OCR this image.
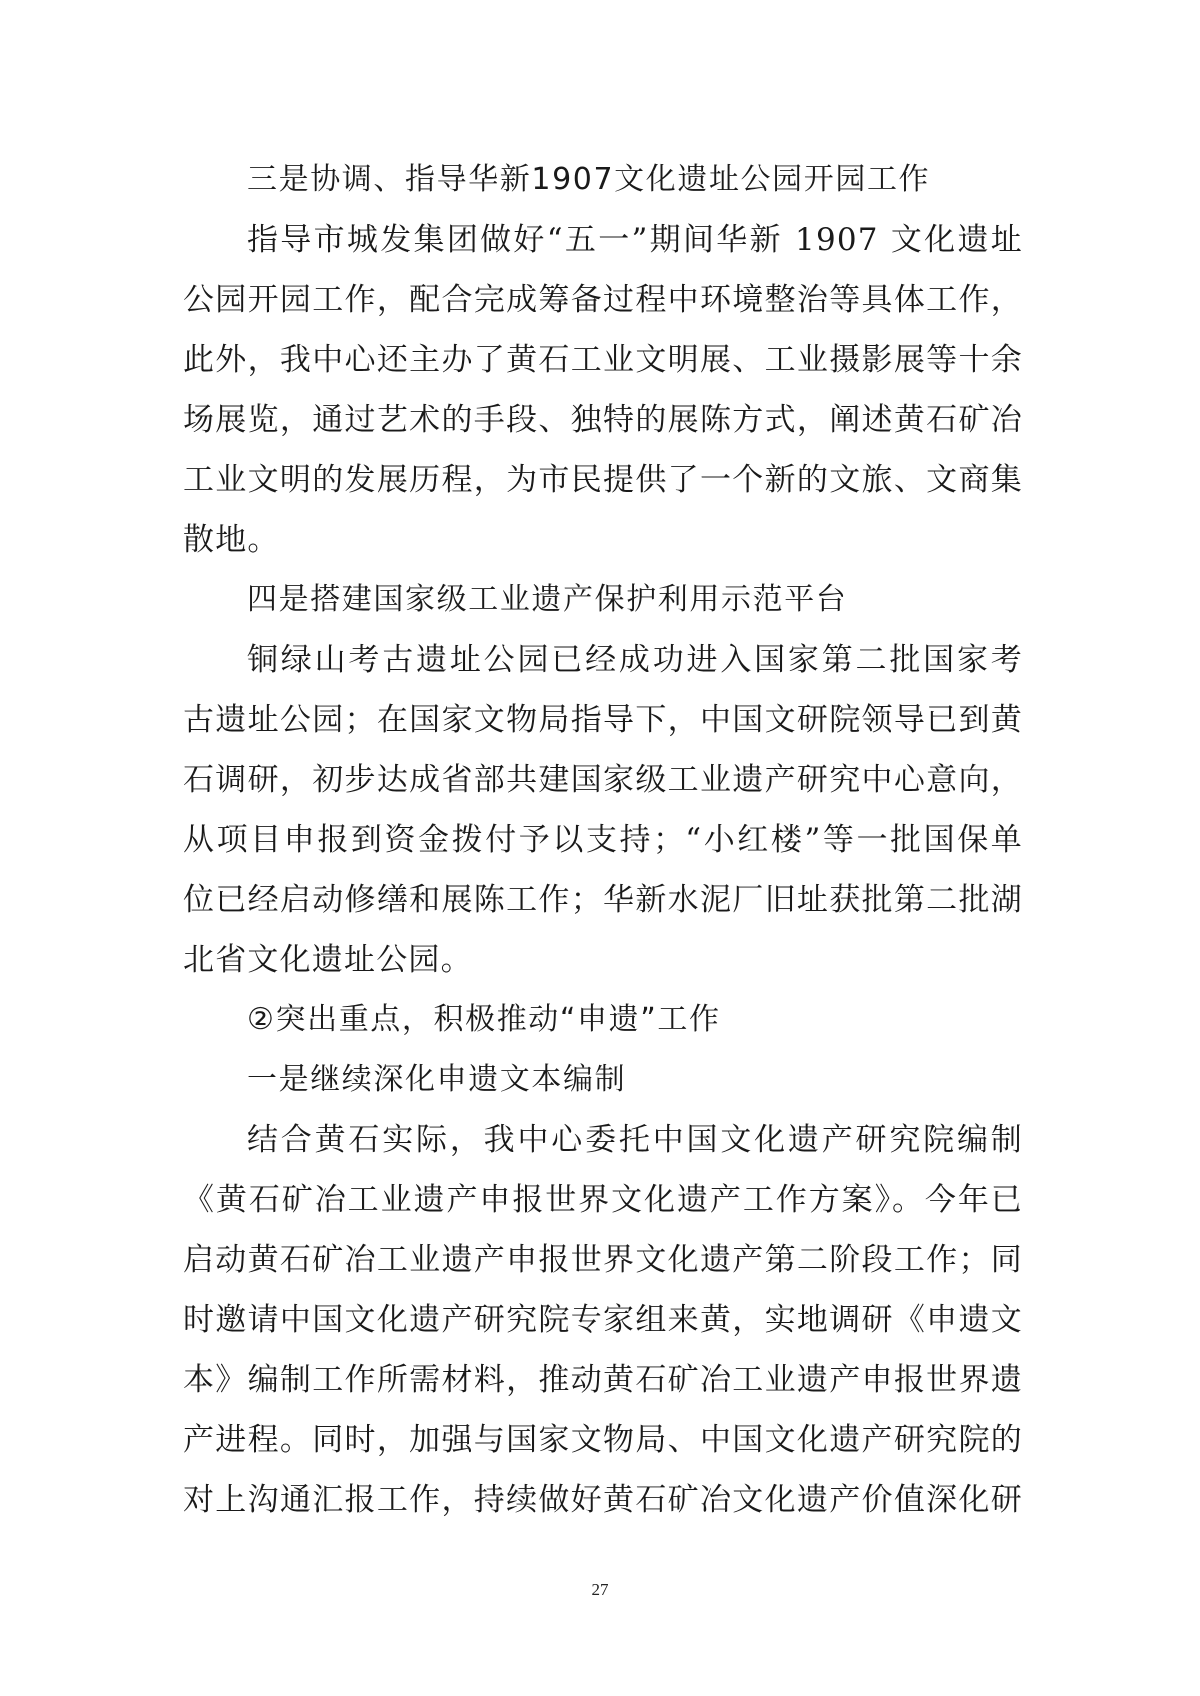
三是协调、指导华新1907文化遗址公园开园工作
指导市城发集团做好“五一”期间华新 1907 文化遗址
公园开园工作，配合完成筹备过程中环境整治等具体工作，
此外，我中心还主办了黄石工业文明展、工业摄影展等十余
场展览，通过艺术的手段、独特的展陈方式，阐述黄石矿冶
工业文明的发展历程，为市民提供了一个新的文旅、文商集
散地。
四是搭建国家级工业遗产保护利用示范平台
铜绿山考古遗址公园已经成功进入国家第二批国家考
古遗址公园；在国家文物局指导下，中国文研院领导已到黄
石调研，初步达成省部共建国家级工业遗产研究中心意向，
从项目申报到资金拨付予以支持；“小红楼”等一批国保单
位已经启动修缮和展陈工作；华新水泥厂旧址获批第二批湖
北省文化遗址公园。
②突出重点，积极推动“申遗”工作
一是继续深化申遗文本编制
结合黄石实际，我中心委托中国文化遗产研究院编制
《黄石矿冶工业遗产申报世界文化遗产工作方案》。今年已
启动黄石矿冶工业遗产申报世界文化遗产第二阶段工作；同
时邀请中国文化遗产研究院专家组来黄，实地调研《申遗文
本》编制工作所需材料，推动黄石矿冶工业遗产申报世界遗
产进程。同时，加强与国家文物局、中国文化遗产研究院的
对上沟通汇报工作，持续做好黄石矿冶文化遗产价值深化研
27
